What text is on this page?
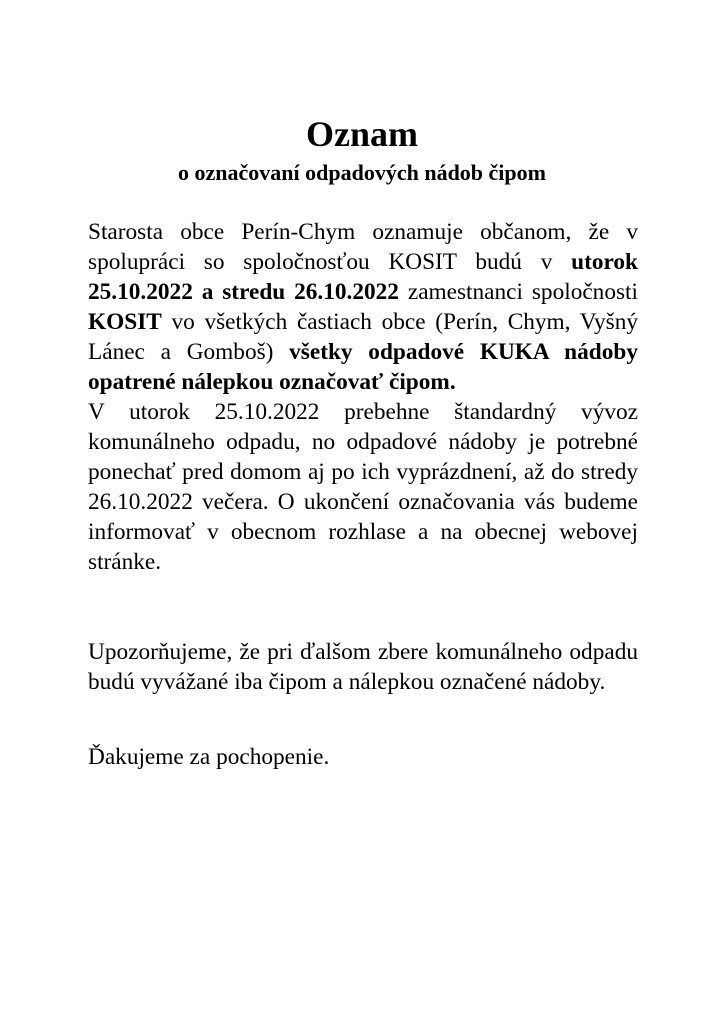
Oznam
o označovaní odpadových nádob čipom

Starosta obce Perín-Chym oznamuje občanom, že v spolupráci so spoločnosťou KOSIT budú v utorok 25.10.2022 a stredu 26.10.2022 zamestnanci spoločnosti KOSIT vo všetkých častiach obce (Perín, Chym, Vyšný Lánec a Gomboš) všetky odpadové KUKA nádoby opatrené nálepkou označovať čipom.
V utorok 25.10.2022 prebehne štandardný vývoz komunálneho odpadu, no odpadové nádoby je potrebné ponechať pred domom aj po ich vyprázdnení, až do stredy 26.10.2022 večera. O ukončení označovania vás budeme informovať v obecnom rozhlase a na obecnej webovej stránke.

Upozorňujeme, že pri ďalšom zbere komunálneho odpadu budú vyvážané iba čipom a nálepkou označené nádoby.

Ďakujeme za pochopenie.
